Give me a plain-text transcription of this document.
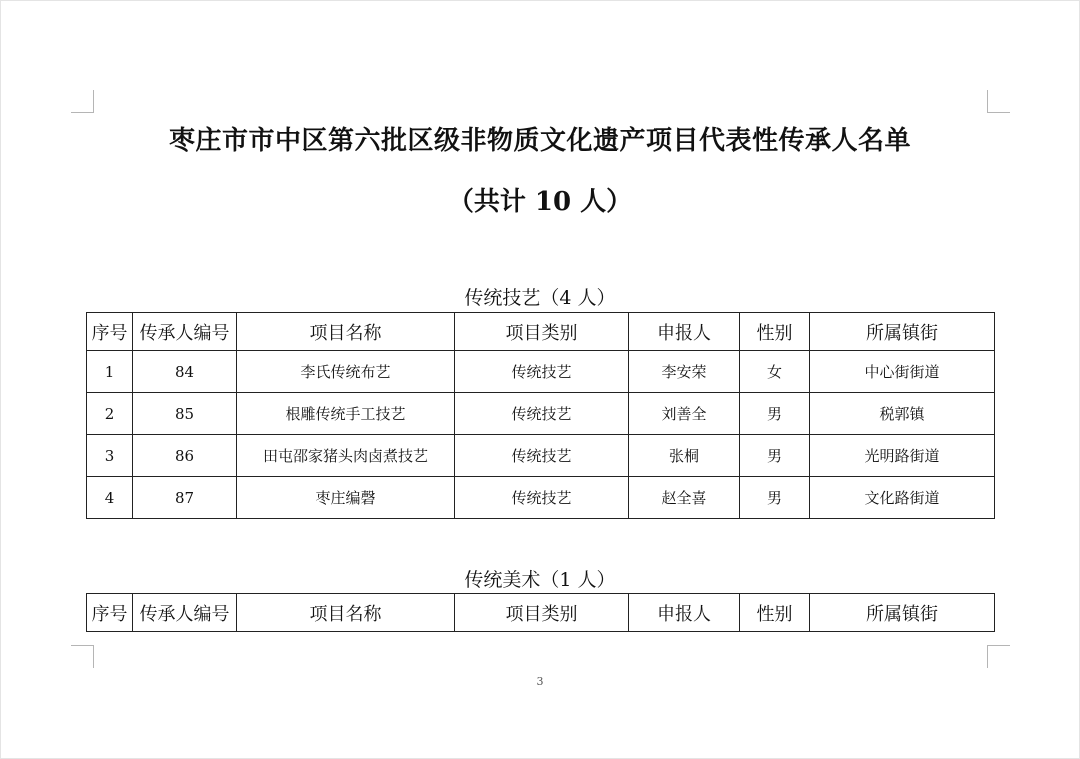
枣庄市市中区第六批区级非物质文化遗产项目代表性传承人名单
（共计 10 人）
传统技艺（4 人）
序号	传承人编号	项目名称	项目类别	申报人	性别	所属镇街
1	84	李氏传统布艺	传统技艺	李安荣	女	中心街街道
2	85	根雕传统手工技艺	传统技艺	刘善全	男	税郭镇
3	86	田屯邵家猪头肉卤煮技艺	传统技艺	张桐	男	光明路街道
4	87	枣庄编磬	传统技艺	赵全喜	男	文化路街道
传统美术（1 人）
序号	传承人编号	项目名称	项目类别	申报人	性别	所属镇街
3
